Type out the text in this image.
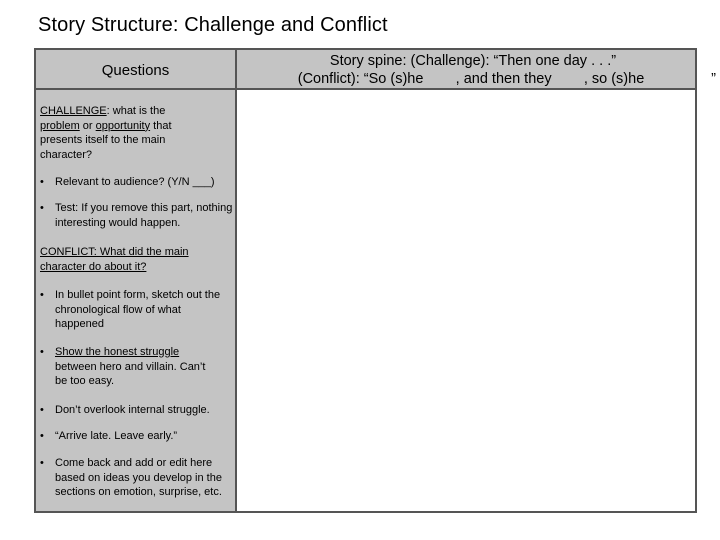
Story Structure: Challenge and Conflict
Questions
CHALLENGE: what is the
problem or opportunity that
presents itself to the main
character?
• Relevant to audience? (Y/N ___)
• Test: If you remove this part, nothing interesting would happen.
CONFLICT: What did the main character do about it?
• In bullet point form, sketch out the chronological flow of what happened
• Show the honest struggle
between hero and villain. Can’t be too easy.
• Don’t overlook internal struggle.
• “Arrive late. Leave early.”
• Come back and add or edit here based on ideas you develop in the sections on emotion, surprise, etc.
Story spine: (Challenge): “Then one day . . .”
(Conflict): “So (s)he        , and then they        , so (s)he	”
